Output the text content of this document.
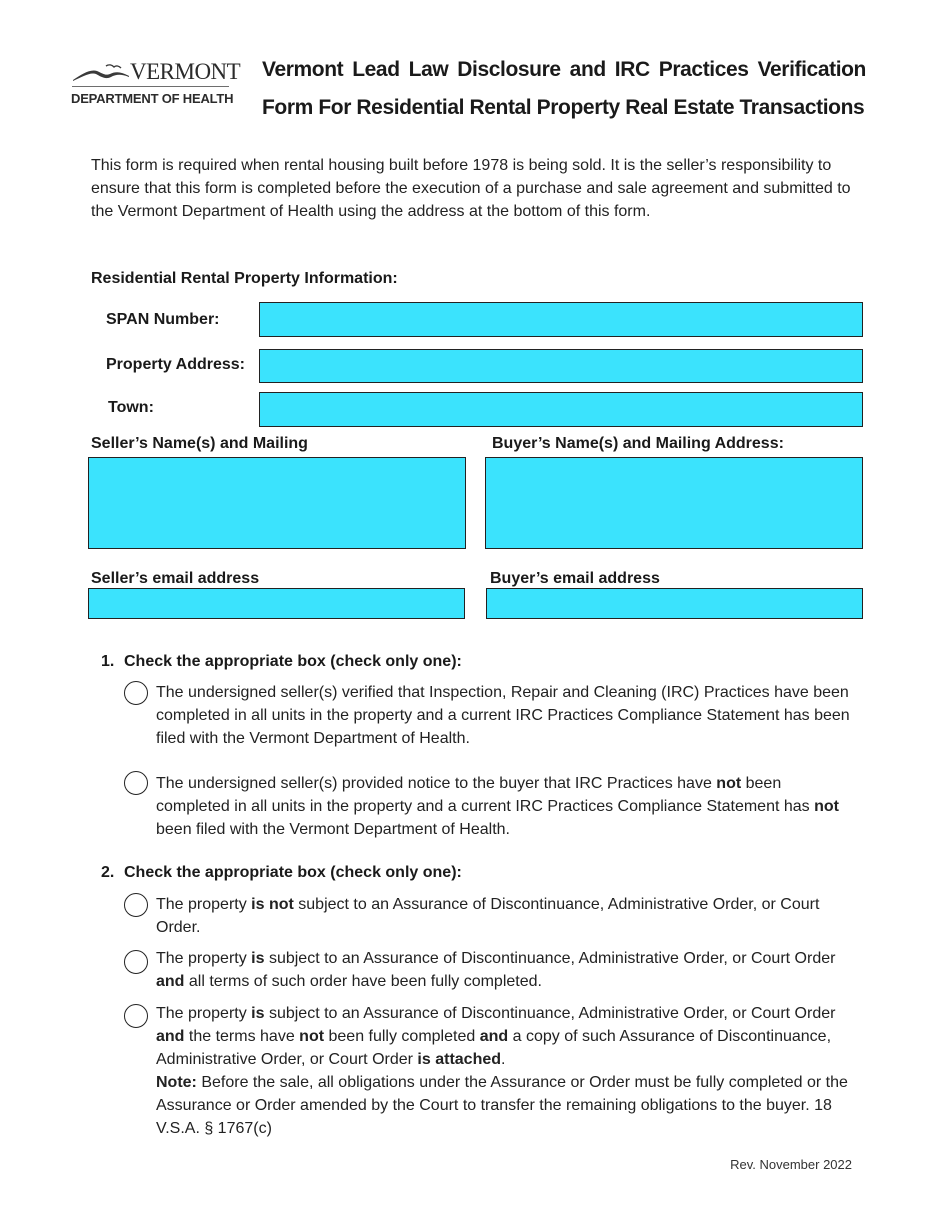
VERMONT
DEPARTMENT OF HEALTH
Vermont Lead Law Disclosure and IRC Practices Verification
Form For Residential Rental Property Real Estate Transactions
This form is required when rental housing built before 1978 is being sold. It is the seller’s responsibility to ensure that this form is completed before the execution of a purchase and sale agreement and submitted to the Vermont Department of Health using the address at the bottom of this form.
Residential Rental Property Information:
SPAN Number:
Property Address:
Town:
Seller’s Name(s) and Mailing	Buyer’s Name(s) and Mailing Address:
Seller’s email address	Buyer’s email address
1. Check the appropriate box (check only one):
The undersigned seller(s) verified that Inspection, Repair and Cleaning (IRC) Practices have been completed in all units in the property and a current IRC Practices Compliance Statement has been filed with the Vermont Department of Health.
The undersigned seller(s) provided notice to the buyer that IRC Practices have not been completed in all units in the property and a current IRC Practices Compliance Statement has not been filed with the Vermont Department of Health.
2. Check the appropriate box (check only one):
The property is not subject to an Assurance of Discontinuance, Administrative Order, or Court Order.
The property is subject to an Assurance of Discontinuance, Administrative Order, or Court Order and all terms of such order have been fully completed.
The property is subject to an Assurance of Discontinuance, Administrative Order, or Court Order and the terms have not been fully completed and a copy of such Assurance of Discontinuance, Administrative Order, or Court Order is attached.
Note: Before the sale, all obligations under the Assurance or Order must be fully completed or the Assurance or Order amended by the Court to transfer the remaining obligations to the buyer. 18 V.S.A. § 1767(c)
Rev. November 2022
